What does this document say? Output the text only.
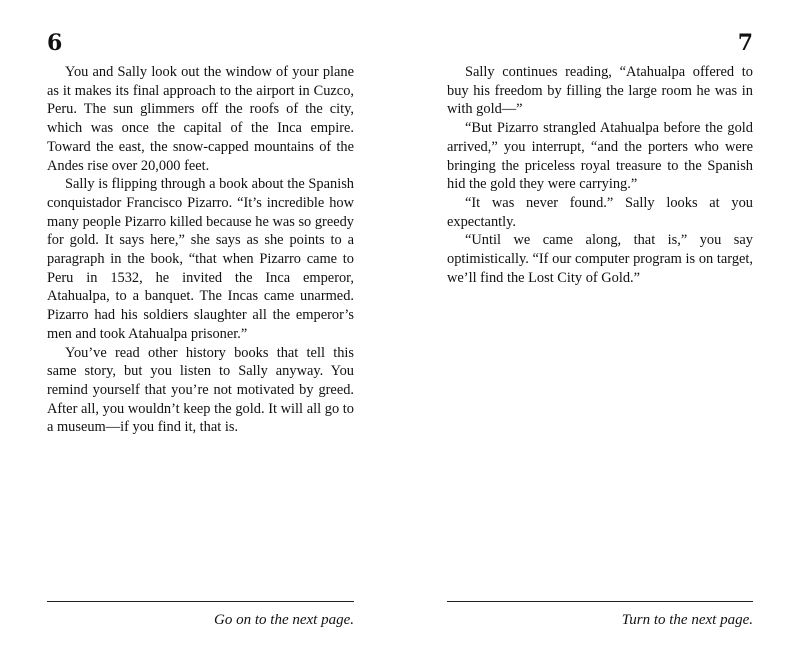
6

You and Sally look out the window of your plane as it makes its final approach to the airport in Cuzco, Peru. The sun glimmers off the roofs of the city, which was once the capital of the Inca empire. Toward the east, the snow-capped mountains of the Andes rise over 20,000 feet.

Sally is flipping through a book about the Spanish conquistador Francisco Pizarro. “It’s incredible how many people Pizarro killed because he was so greedy for gold. It says here,” she says as she points to a paragraph in the book, “that when Pizarro came to Peru in 1532, he invited the Inca emperor, Atahualpa, to a banquet. The Incas came unarmed. Pizarro had his soldiers slaughter all the emperor’s men and took Atahualpa prisoner.”

You’ve read other history books that tell this same story, but you listen to Sally anyway. You remind yourself that you’re not motivated by greed. After all, you wouldn’t keep the gold. It will all go to a museum—if you find it, that is.

Go on to the next page.
7

Sally continues reading, “Atahualpa offered to buy his freedom by filling the large room he was in with gold—”

“But Pizarro strangled Atahualpa before the gold arrived,” you interrupt, “and the porters who were bringing the priceless royal treasure to the Spanish hid the gold they were carrying.”

“It was never found.” Sally looks at you expectantly.

“Until we came along, that is,” you say optimistically. “If our computer program is on target, we’ll find the Lost City of Gold.”

Turn to the next page.
